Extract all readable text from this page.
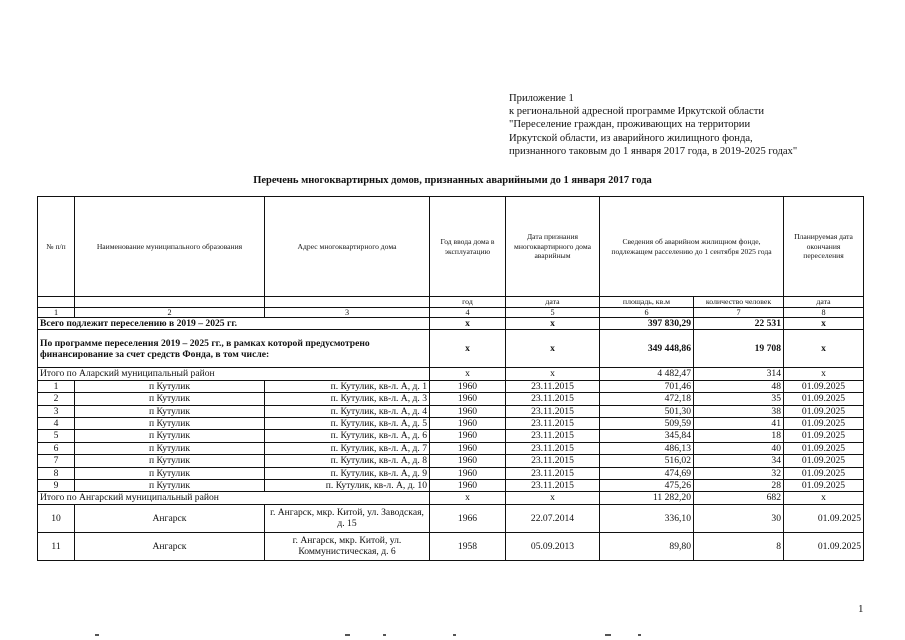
Приложение 1
к региональной адресной программе Иркутской области
"Переселение граждан, проживающих на территории
Иркутской области, из аварийного жилищного фонда,
признанного таковым до 1 января 2017 года, в 2019-2025 годах"
Перечень многоквартирных домов, признанных аварийными до 1 января 2017 года
№ п/п	Наименование муниципального образования	Адрес многоквартирного дома	Год ввода дома в эксплуатацию	Дата признания многоквартирного дома аварийным	Сведения об аварийном жилищном фонде, подлежащем расселению до 1 сентября 2025 года		Планируемая дата окончания переселения
			год	дата	площадь, кв.м	количество человек	дата
1	2	3	4	5	6	7	8
Всего подлежит переселению в 2019 – 2025 гг.			х	х	397 830,29	22 531	х
По программе переселения 2019 – 2025 гг., в рамках которой предусмотрено финансирование за счет средств Фонда, в том числе:			х	х	349 448,86	19 708	х
Итого по Аларский муниципальный район			х	х	4 482,47	314	х
1	п Кутулик	п. Кутулик, кв-л. А, д. 1	1960	23.11.2015	701,46	48	01.09.2025
2	п Кутулик	п. Кутулик, кв-л. А, д. 3	1960	23.11.2015	472,18	35	01.09.2025
3	п Кутулик	п. Кутулик, кв-л. А, д. 4	1960	23.11.2015	501,30	38	01.09.2025
4	п Кутулик	п. Кутулик, кв-л. А, д. 5	1960	23.11.2015	509,59	41	01.09.2025
5	п Кутулик	п. Кутулик, кв-л. А, д. 6	1960	23.11.2015	345,84	18	01.09.2025
6	п Кутулик	п. Кутулик, кв-л. А, д. 7	1960	23.11.2015	486,13	40	01.09.2025
7	п Кутулик	п. Кутулик, кв-л. А, д. 8	1960	23.11.2015	516,02	34	01.09.2025
8	п Кутулик	п. Кутулик, кв-л. А, д. 9	1960	23.11.2015	474,69	32	01.09.2025
9	п Кутулик	п. Кутулик, кв-л. А, д. 10	1960	23.11.2015	475,26	28	01.09.2025
Итого по Ангарский муниципальный район			х	х	11 282,20	682	х
10	Ангарск	г. Ангарск, мкр. Китой, ул. Заводская, д. 15	1966	22.07.2014	336,10	30	01.09.2025
11	Ангарск	г. Ангарск, мкр. Китой, ул. Коммунистическая, д. 6	1958	05.09.2013	89,80	8	01.09.2025
1
